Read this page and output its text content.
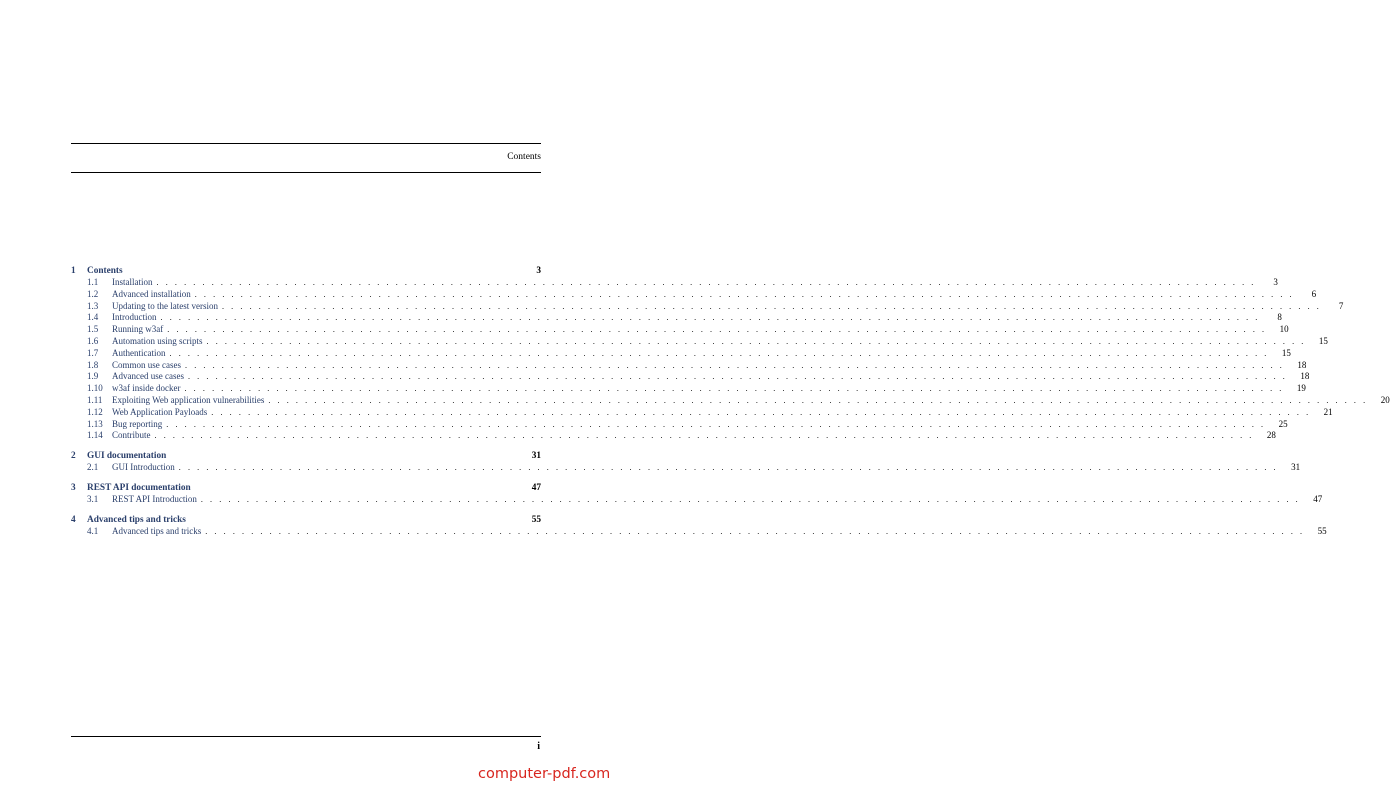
Contents
1	Contents	3
1.1	Installation . . . . . . . . . . . . . . . . . . . . . . . . . . . . . . . . . . . . . . . . . . . . . . . . . . . . . . . . . . . . . . . . . . . . . . . . . . . . . . . . . . . . . . . . . . . . . . . . . . . . . . . . . . . . . . . . . . . . . . . .	3
1.2	Advanced installation . . . . . . . . . . . . . . . . . . . . . . . . . . . . . . . . . . . . . . . . . . . . . . . . . . . . . . . . . . . . . . . . . . . . . . . . . . . . . . . . . . . . . . . . . . . . . . . . . . . . . . . . . . . . . . . . . . . . . . . .	6
1.3	Updating to the latest version . . . . . . . . . . . . . . . . . . . . . . . . . . . . . . . . . . . . . . . . . . . . . . . . . . . . . . . . . . . . . . . . . . . . . . . . . . . . . . . . . . . . . . . . . . . . . . . . . . . . . . . . . . . . . . . . . . . . . . . .	7
1.4	Introduction . . . . . . . . . . . . . . . . . . . . . . . . . . . . . . . . . . . . . . . . . . . . . . . . . . . . . . . . . . . . . . . . . . . . . . . . . . . . . . . . . . . . . . . . . . . . . . . . . . . . . . . . . . . . . . . . . . . . . . . .	8
1.5	Running w3af . . . . . . . . . . . . . . . . . . . . . . . . . . . . . . . . . . . . . . . . . . . . . . . . . . . . . . . . . . . . . . . . . . . . . . . . . . . . . . . . . . . . . . . . . . . . . . . . . . . . . . . . . . . . . . . . . . . . . . . .	10
1.6	Automation using scripts . . . . . . . . . . . . . . . . . . . . . . . . . . . . . . . . . . . . . . . . . . . . . . . . . . . . . . . . . . . . . . . . . . . . . . . . . . . . . . . . . . . . . . . . . . . . . . . . . . . . . . . . . . . . . . . . . . . . . . . .	15
1.7	Authentication . . . . . . . . . . . . . . . . . . . . . . . . . . . . . . . . . . . . . . . . . . . . . . . . . . . . . . . . . . . . . . . . . . . . . . . . . . . . . . . . . . . . . . . . . . . . . . . . . . . . . . . . . . . . . . . . . . . . . . . .	15
1.8	Common use cases . . . . . . . . . . . . . . . . . . . . . . . . . . . . . . . . . . . . . . . . . . . . . . . . . . . . . . . . . . . . . . . . . . . . . . . . . . . . . . . . . . . . . . . . . . . . . . . . . . . . . . . . . . . . . . . . . . . . . . . .	18
1.9	Advanced use cases . . . . . . . . . . . . . . . . . . . . . . . . . . . . . . . . . . . . . . . . . . . . . . . . . . . . . . . . . . . . . . . . . . . . . . . . . . . . . . . . . . . . . . . . . . . . . . . . . . . . . . . . . . . . . . . . . . . . . . . .	18
1.10	w3af inside docker . . . . . . . . . . . . . . . . . . . . . . . . . . . . . . . . . . . . . . . . . . . . . . . . . . . . . . . . . . . . . . . . . . . . . . . . . . . . . . . . . . . . . . . . . . . . . . . . . . . . . . . . . . . . . . . . . . . . . . . .	19
1.11	Exploiting Web application vulnerabilities . . . . . . . . . . . . . . . . . . . . . . . . . . . . . . . . . . . . . . . . . . . . . . . . . . . . . . . . . . . . . . . . . . . . . . . . . . . . . . . . . . . . . . . . . . . . . . . . . . . . . . . . . . . . . . . . . . . . . . . .	20
1.12	Web Application Payloads . . . . . . . . . . . . . . . . . . . . . . . . . . . . . . . . . . . . . . . . . . . . . . . . . . . . . . . . . . . . . . . . . . . . . . . . . . . . . . . . . . . . . . . . . . . . . . . . . . . . . . . . . . . . . . . . . . . . . . . .	21
1.13	Bug reporting . . . . . . . . . . . . . . . . . . . . . . . . . . . . . . . . . . . . . . . . . . . . . . . . . . . . . . . . . . . . . . . . . . . . . . . . . . . . . . . . . . . . . . . . . . . . . . . . . . . . . . . . . . . . . . . . . . . . . . . .	25
1.14	Contribute . . . . . . . . . . . . . . . . . . . . . . . . . . . . . . . . . . . . . . . . . . . . . . . . . . . . . . . . . . . . . . . . . . . . . . . . . . . . . . . . . . . . . . . . . . . . . . . . . . . . . . . . . . . . . . . . . . . . . . . .	28
2	GUI documentation	31
2.1	GUI Introduction . . . . . . . . . . . . . . . . . . . . . . . . . . . . . . . . . . . . . . . . . . . . . . . . . . . . . . . . . . . . . . . . . . . . . . . . . . . . . . . . . . . . . . . . . . . . . . . . . . . . . . . . . . . . . . . . . . . . . . . .	31
3	REST API documentation	47
3.1	REST API Introduction . . . . . . . . . . . . . . . . . . . . . . . . . . . . . . . . . . . . . . . . . . . . . . . . . . . . . . . . . . . . . . . . . . . . . . . . . . . . . . . . . . . . . . . . . . . . . . . . . . . . . . . . . . . . . . . . . . . . . . . .	47
4	Advanced tips and tricks	55
4.1	Advanced tips and tricks . . . . . . . . . . . . . . . . . . . . . . . . . . . . . . . . . . . . . . . . . . . . . . . . . . . . . . . . . . . . . . . . . . . . . . . . . . . . . . . . . . . . . . . . . . . . . . . . . . . . . . . . . . . . . . . . . . . . . . . .	55
i
computer-pdf.com
